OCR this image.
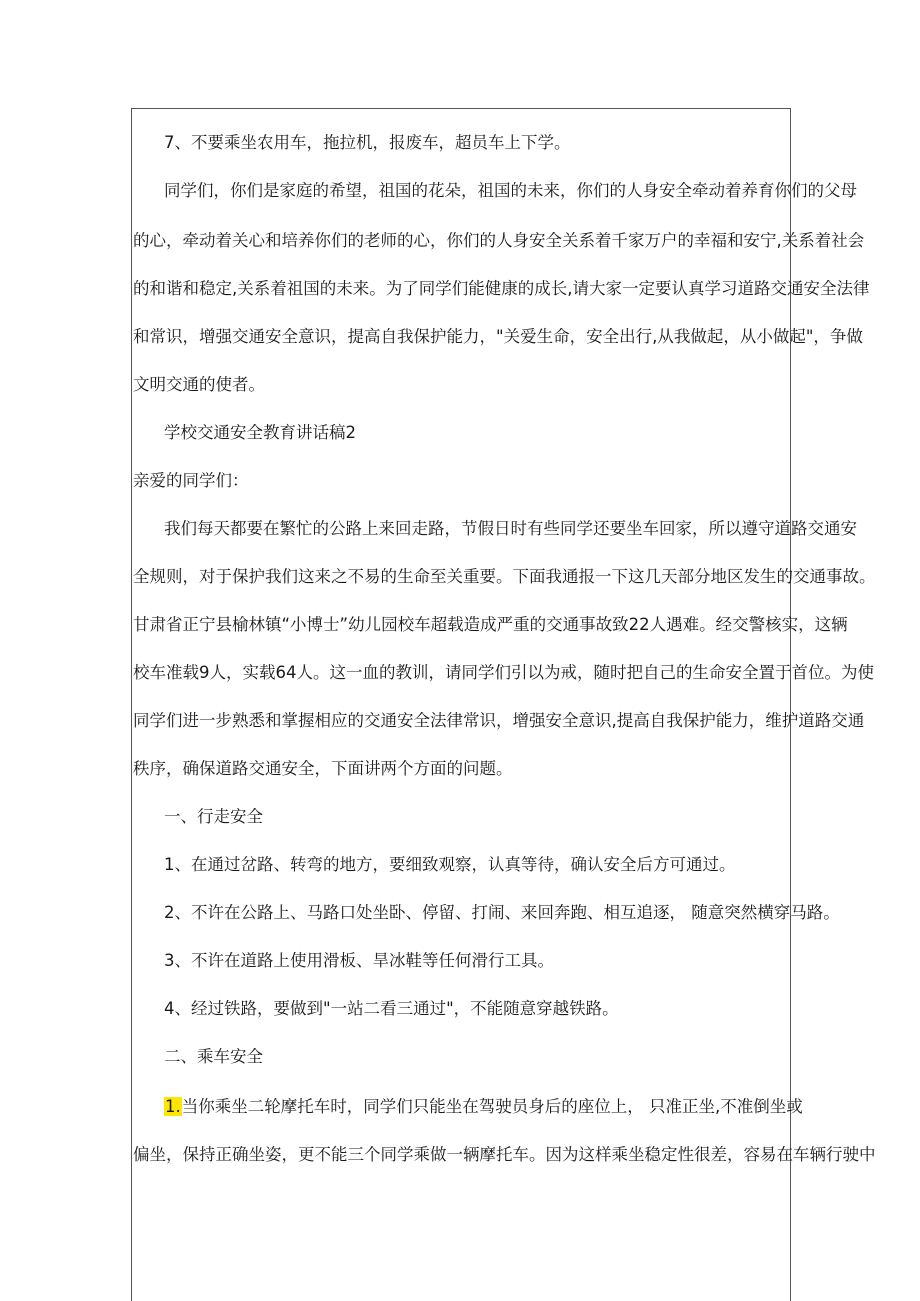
7、不要乘坐农用车，拖拉机，报废车，超员车上下学。
同学们，你们是家庭的希望，祖国的花朵，祖国的未来，你们的人身安全牵动着养育你们的父母
的心，牵动着关心和培养你们的老师的心，你们的人身安全关系着千家万户的幸福和安宁,关系着社会
的和谐和稳定,关系着祖国的未来。为了同学们能健康的成长,请大家一定要认真学习道路交通安全法律
和常识，增强交通安全意识，提高自我保护能力，"关爱生命，安全出行,从我做起，从小做起"，争做
文明交通的使者。
学校交通安全教育讲话稿2
亲爱的同学们：
我们每天都要在繁忙的公路上来回走路，节假日时有些同学还要坐车回家，所以遵守道路交通安
全规则，对于保护我们这来之不易的生命至关重要。下面我通报一下这几天部分地区发生的交通事故。
甘肃省正宁县榆林镇“小博士”幼儿园校车超载造成严重的交通事故致22人遇难。经交警核实，这辆
校车准载9人，实载64人。这一血的教训，请同学们引以为戒，随时把自己的生命安全置于首位。为使
同学们进一步熟悉和掌握相应的交通安全法律常识，增强安全意识,提高自我保护能力，维护道路交通
秩序，确保道路交通安全，下面讲两个方面的问题。
一、行走安全
1、在通过岔路、转弯的地方，要细致观察，认真等待，确认安全后方可通过。
2、不许在公路上、马路口处坐卧、停留、打闹、来回奔跑、相互追逐， 随意突然横穿马路。
3、不许在道路上使用滑板、旱冰鞋等任何滑行工具。
4、经过铁路，要做到"一站二看三通过"，不能随意穿越铁路。
二、乘车安全
1.当你乘坐二轮摩托车时，同学们只能坐在驾驶员身后的座位上， 只准正坐,不准倒坐或
偏坐，保持正确坐姿，更不能三个同学乘做一辆摩托车。因为这样乘坐稳定性很差，容易在车辆行驶中
